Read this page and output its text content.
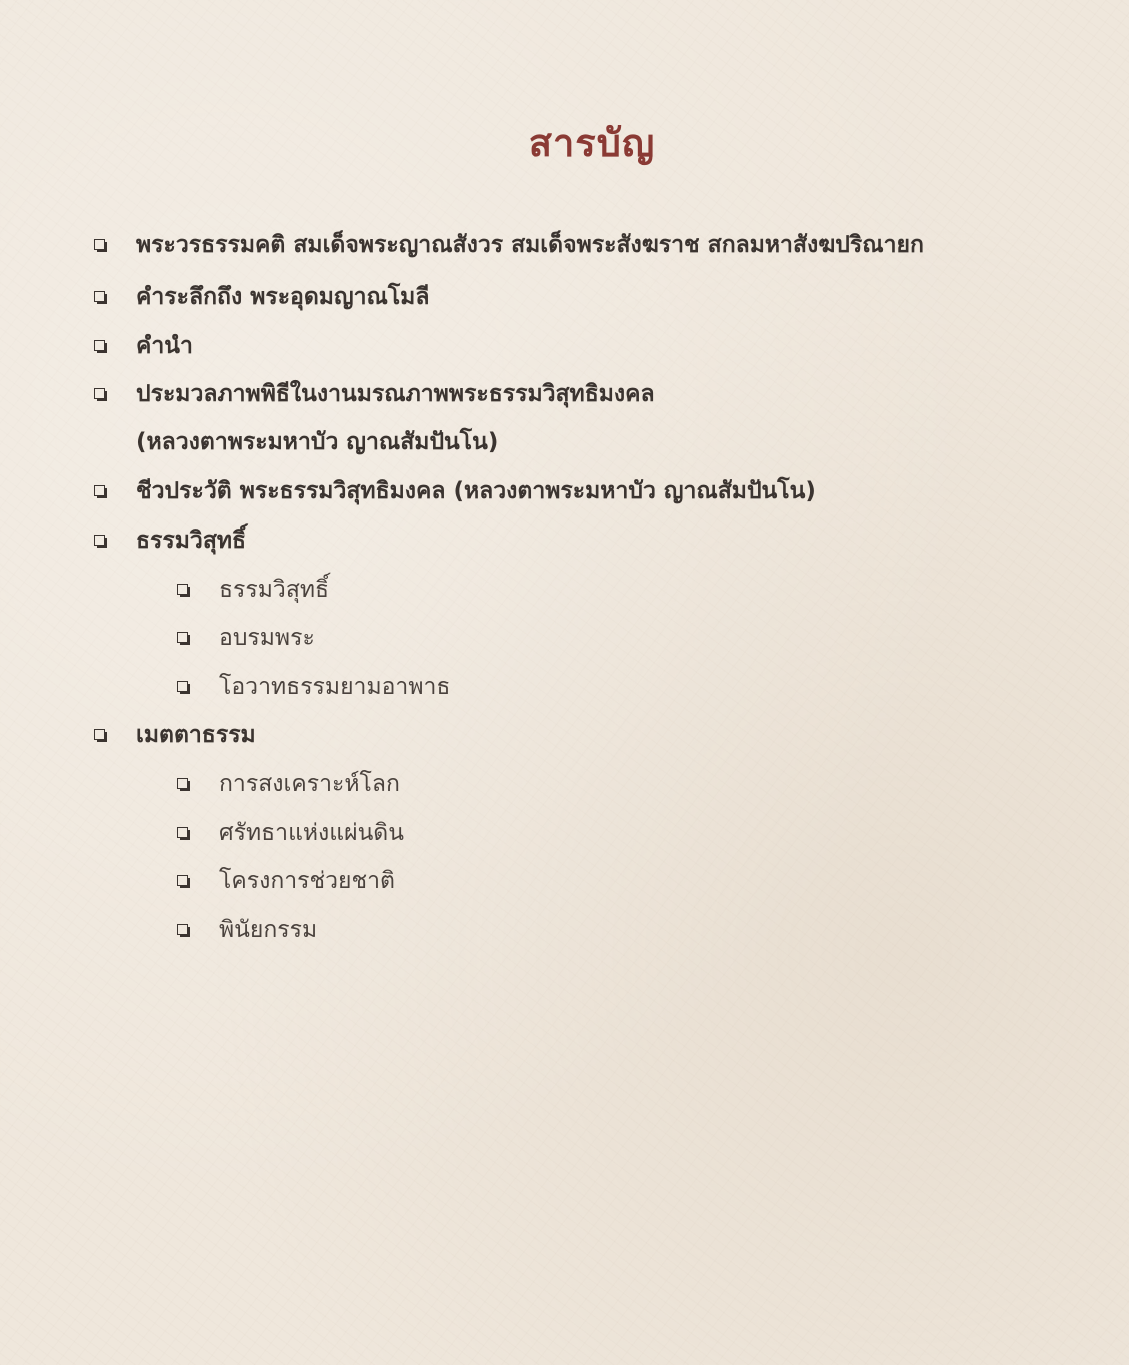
สารบัญ
พระวรธรรมคติ สมเด็จพระญาณสังวร สมเด็จพระสังฆราช สกลมหาสังฆปริณายก
คำระลึกถึง พระอุดมญาณโมลี
คำนำ
ประมวลภาพพิธีในงานมรณภาพพระธรรมวิสุทธิมงคล
(หลวงตาพระมหาบัว ญาณสัมปันโน)
ชีวประวัติ พระธรรมวิสุทธิมงคล (หลวงตาพระมหาบัว ญาณสัมปันโน)
ธรรมวิสุทธิ์
ธรรมวิสุทธิ์
อบรมพระ
โอวาทธรรมยามอาพาธ
เมตตาธรรม
การสงเคราะห์โลก
ศรัทธาแห่งแผ่นดิน
โครงการช่วยชาติ
พินัยกรรม
